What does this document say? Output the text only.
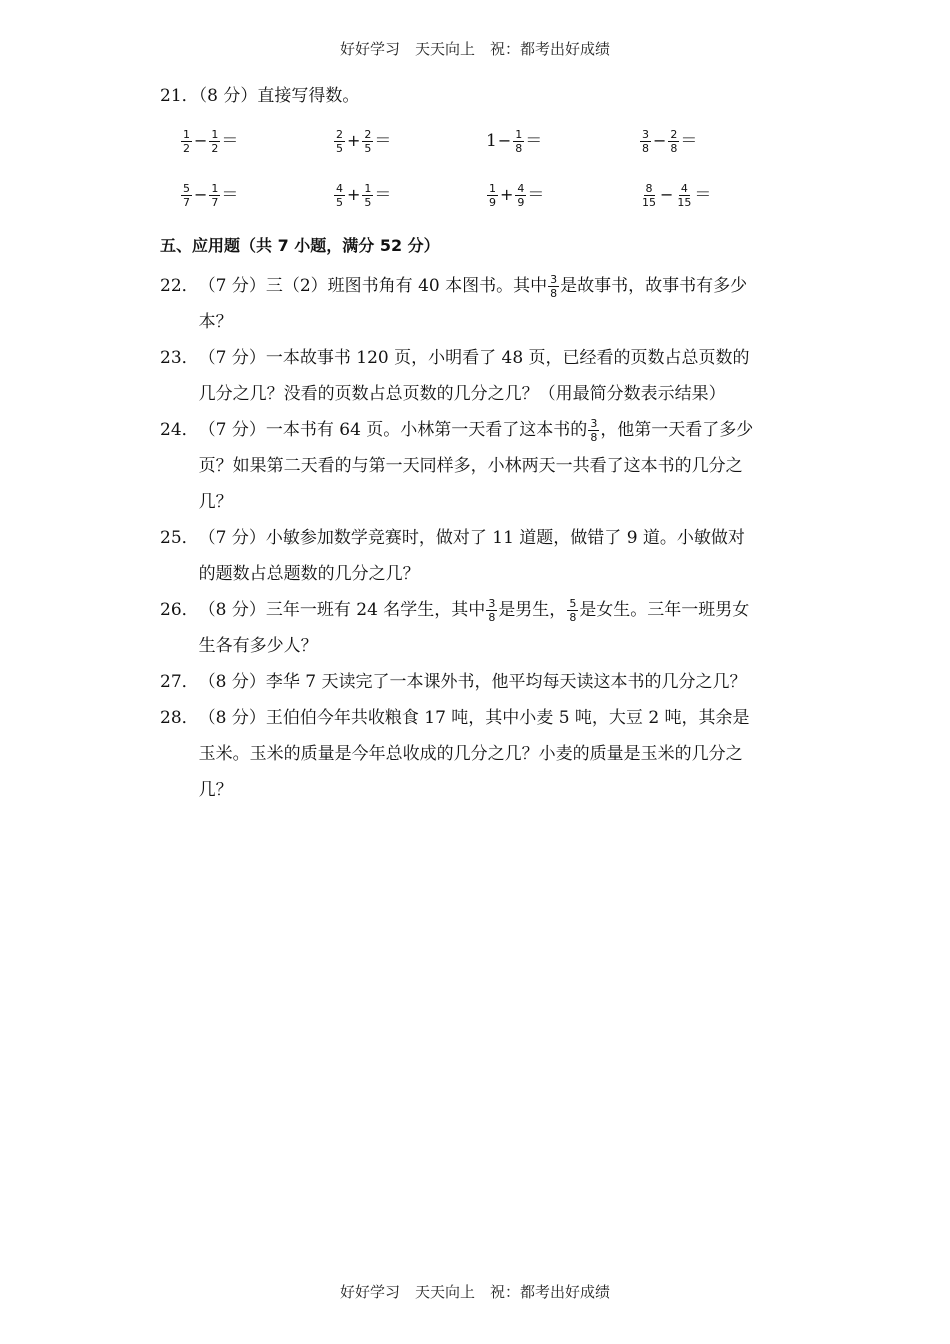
好好学习　天天向上　祝：都考出好成绩
21．（8 分）直接写得数。
$\frac{1}{2} - \frac{1}{2}$ ＝	$\frac{2}{5} + \frac{2}{5}$ ＝	$1- \frac{1}{8}$ ＝	$\frac{3}{8} - \frac{2}{8}$ ＝
$\frac{5}{7} - \frac{1}{7}$ ＝	$\frac{4}{5} + \frac{1}{5}$ ＝	$\frac{1}{9} + \frac{4}{9}$ ＝	$\frac{8}{15} - \frac{4}{15}$ ＝
五、应用题（共 7 小题，满分 52 分）
22． （7 分）三（2）班图书角有 40 本图书。其中 $\frac{3}{8}$ 是故事书，故事书有多少
本？
23． （7 分）一本故事书 120 页，小明看了 48 页，已经看的页数占总页数的
几分之几？没看的页数占总页数的几分之几？（用最简分数表示结果）
24． （7 分）一本书有 64 页。小林第一天看了这本书的 $\frac{3}{8}$ ，他第一天看了多少
页？如果第二天看的与第一天同样多，小林两天一共看了这本书的几分之
几？
25． （7 分）小敏参加数学竞赛时，做对了 11 道题，做错了 9 道。小敏做对
的题数占总题数的几分之几？
26． （8 分）三年一班有 24 名学生，其中 $\frac{3}{8}$ 是男生， $\frac{5}{8}$ 是女生。三年一班男女
生各有多少人？
27． （8 分）李华 7 天读完了一本课外书，他平均每天读这本书的几分之几？
28． （8 分）王伯伯今年共收粮食 17 吨，其中小麦 5 吨，大豆 2 吨，其余是
玉米。玉米的质量是今年总收成的几分之几？小麦的质量是玉米的几分之
几？
好好学习　天天向上　祝：都考出好成绩
